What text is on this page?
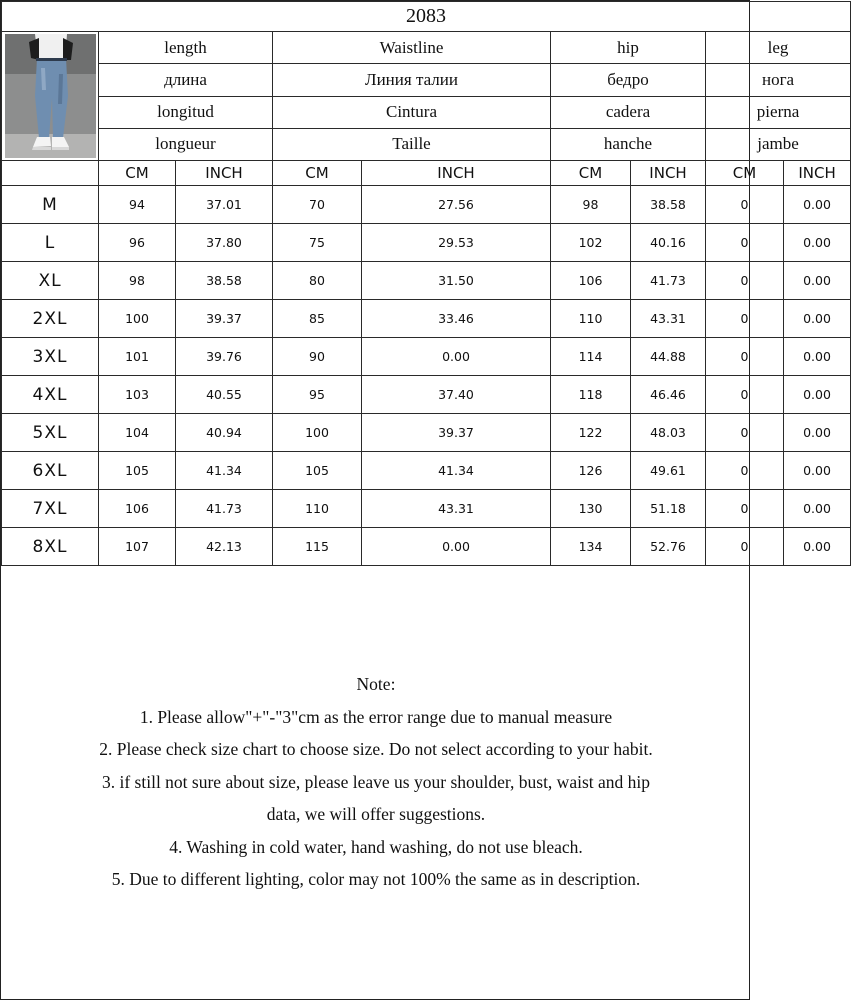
2083								

	length		Waistline		hip		leg	
	длина		Линия талии		бедро		нога	
	longitud		Cintura		cadera		pierna	
	longueur		Taille		hanche		jambe	
	CM	INCH	CM	INCH	CM	INCH	CM	INCH
M	94	37.01	70	27.56	98	38.58	0	0.00
L	96	37.80	75	29.53	102	40.16	0	0.00
XL	98	38.58	80	31.50	106	41.73	0	0.00
2XL	100	39.37	85	33.46	110	43.31	0	0.00
3XL	101	39.76	90	0.00	114	44.88	0	0.00
4XL	103	40.55	95	37.40	118	46.46	0	0.00
5XL	104	40.94	100	39.37	122	48.03	0	0.00
6XL	105	41.34	105	41.34	126	49.61	0	0.00
7XL	106	41.73	110	43.31	130	51.18	0	0.00
8XL	107	42.13	115	0.00	134	52.76	0	0.00
Note:
1. Please allow"+"-"3"cm as the error range due to manual measure
2. Please check size chart to choose size. Do not select according to your habit.
3. if still not sure about size, please leave us your shoulder, bust, waist and hip
data, we will offer suggestions.
4. Washing in cold water, hand washing, do not use bleach.
5. Due to different lighting, color may not 100% the same as in description.
